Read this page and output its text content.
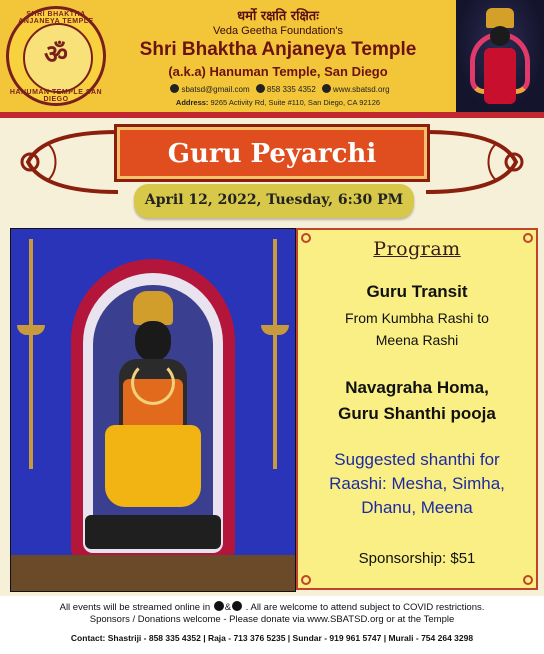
ॐ
SHRI BHAKTHA ANJANEYA TEMPLE
HANUMAN TEMPLE SAN DIEGO
धर्मो रक्षति रक्षितः
Veda Geetha Foundation's
Shri Bhaktha Anjaneya Temple
(a.k.a) Hanuman Temple, San Diego
sbatsd@gmail.com 858 335 4352 www.sbatsd.org
Address: 9265 Activity Rd, Suite #110, San Diego, CA 92126
Guru Peyarchi
April 12, 2022, Tuesday, 6:30 PM
Program
Guru Transit
From Kumbha Rashi to
Meena Rashi
Navagraha Homa,
Guru Shanthi pooja
Suggested shanthi for
Raashi: Mesha, Simha,
Dhanu, Meena
Sponsorship: $51
All events will be streamed online in & . All are welcome to attend subject to COVID restrictions.
Sponsors / Donations welcome - Please donate via www.SBATSD.org or at the Temple
Contact: Shastriji - 858 335 4352 | Raja - 713 376 5235 | Sundar - 919 961 5747 | Murali - 754 264 3298
